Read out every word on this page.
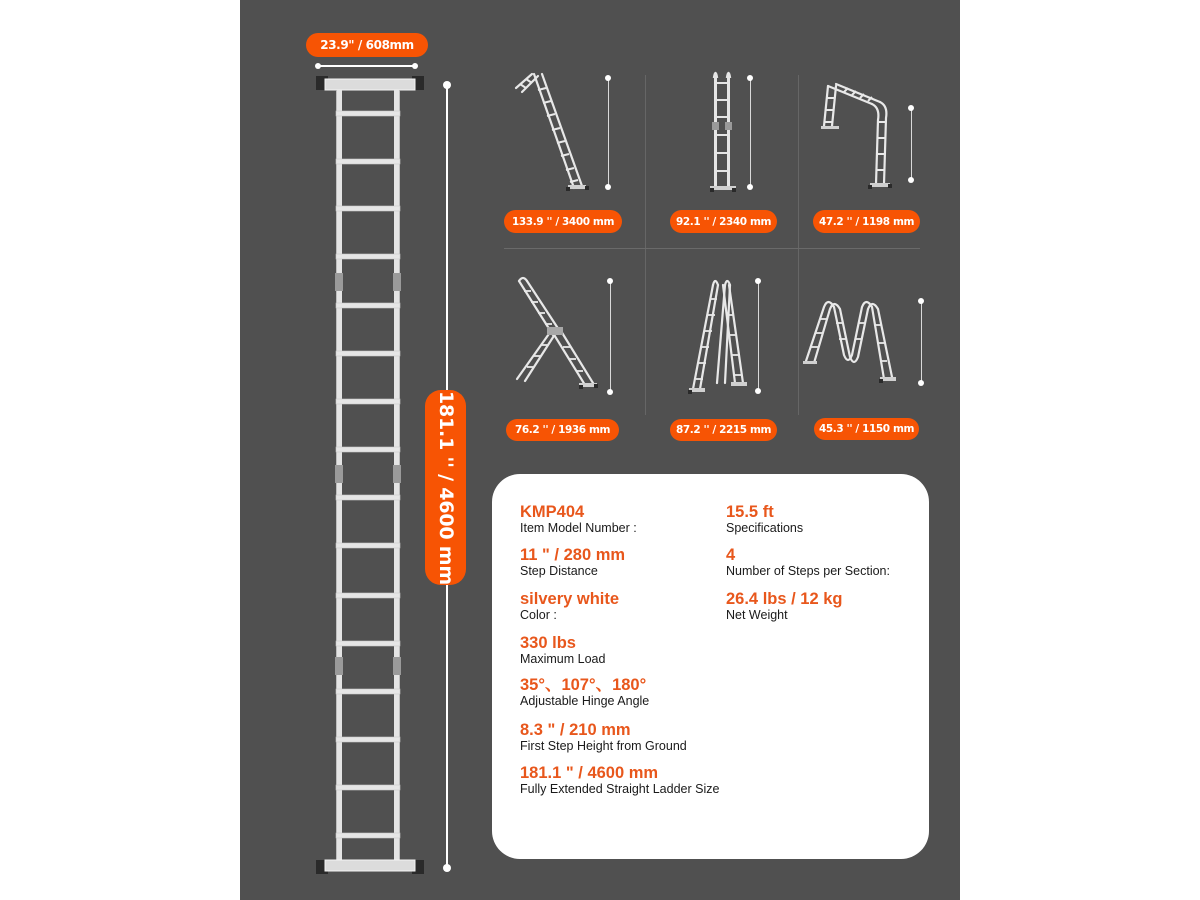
23.9" / 608mm
181.1 '' / 4600 mm
133.9 '' / 3400 mm	92.1 '' / 2340 mm	47.2 '' / 1198 mm
76.2 '' / 1936 mm	87.2 '' / 2215 mm	45.3 '' / 1150 mm
KMP404
Item Model Number :
11 " / 280 mm
Step Distance
silvery white
Color :
330 lbs
Maximum Load
35°、107°、180°
Adjustable Hinge Angle
8.3 " / 210 mm
First Step Height from Ground
181.1 " / 4600 mm
Fully Extended Straight Ladder Size
15.5 ft
Specifications
4
Number of Steps per Section:
26.4 lbs / 12 kg
Net Weight
